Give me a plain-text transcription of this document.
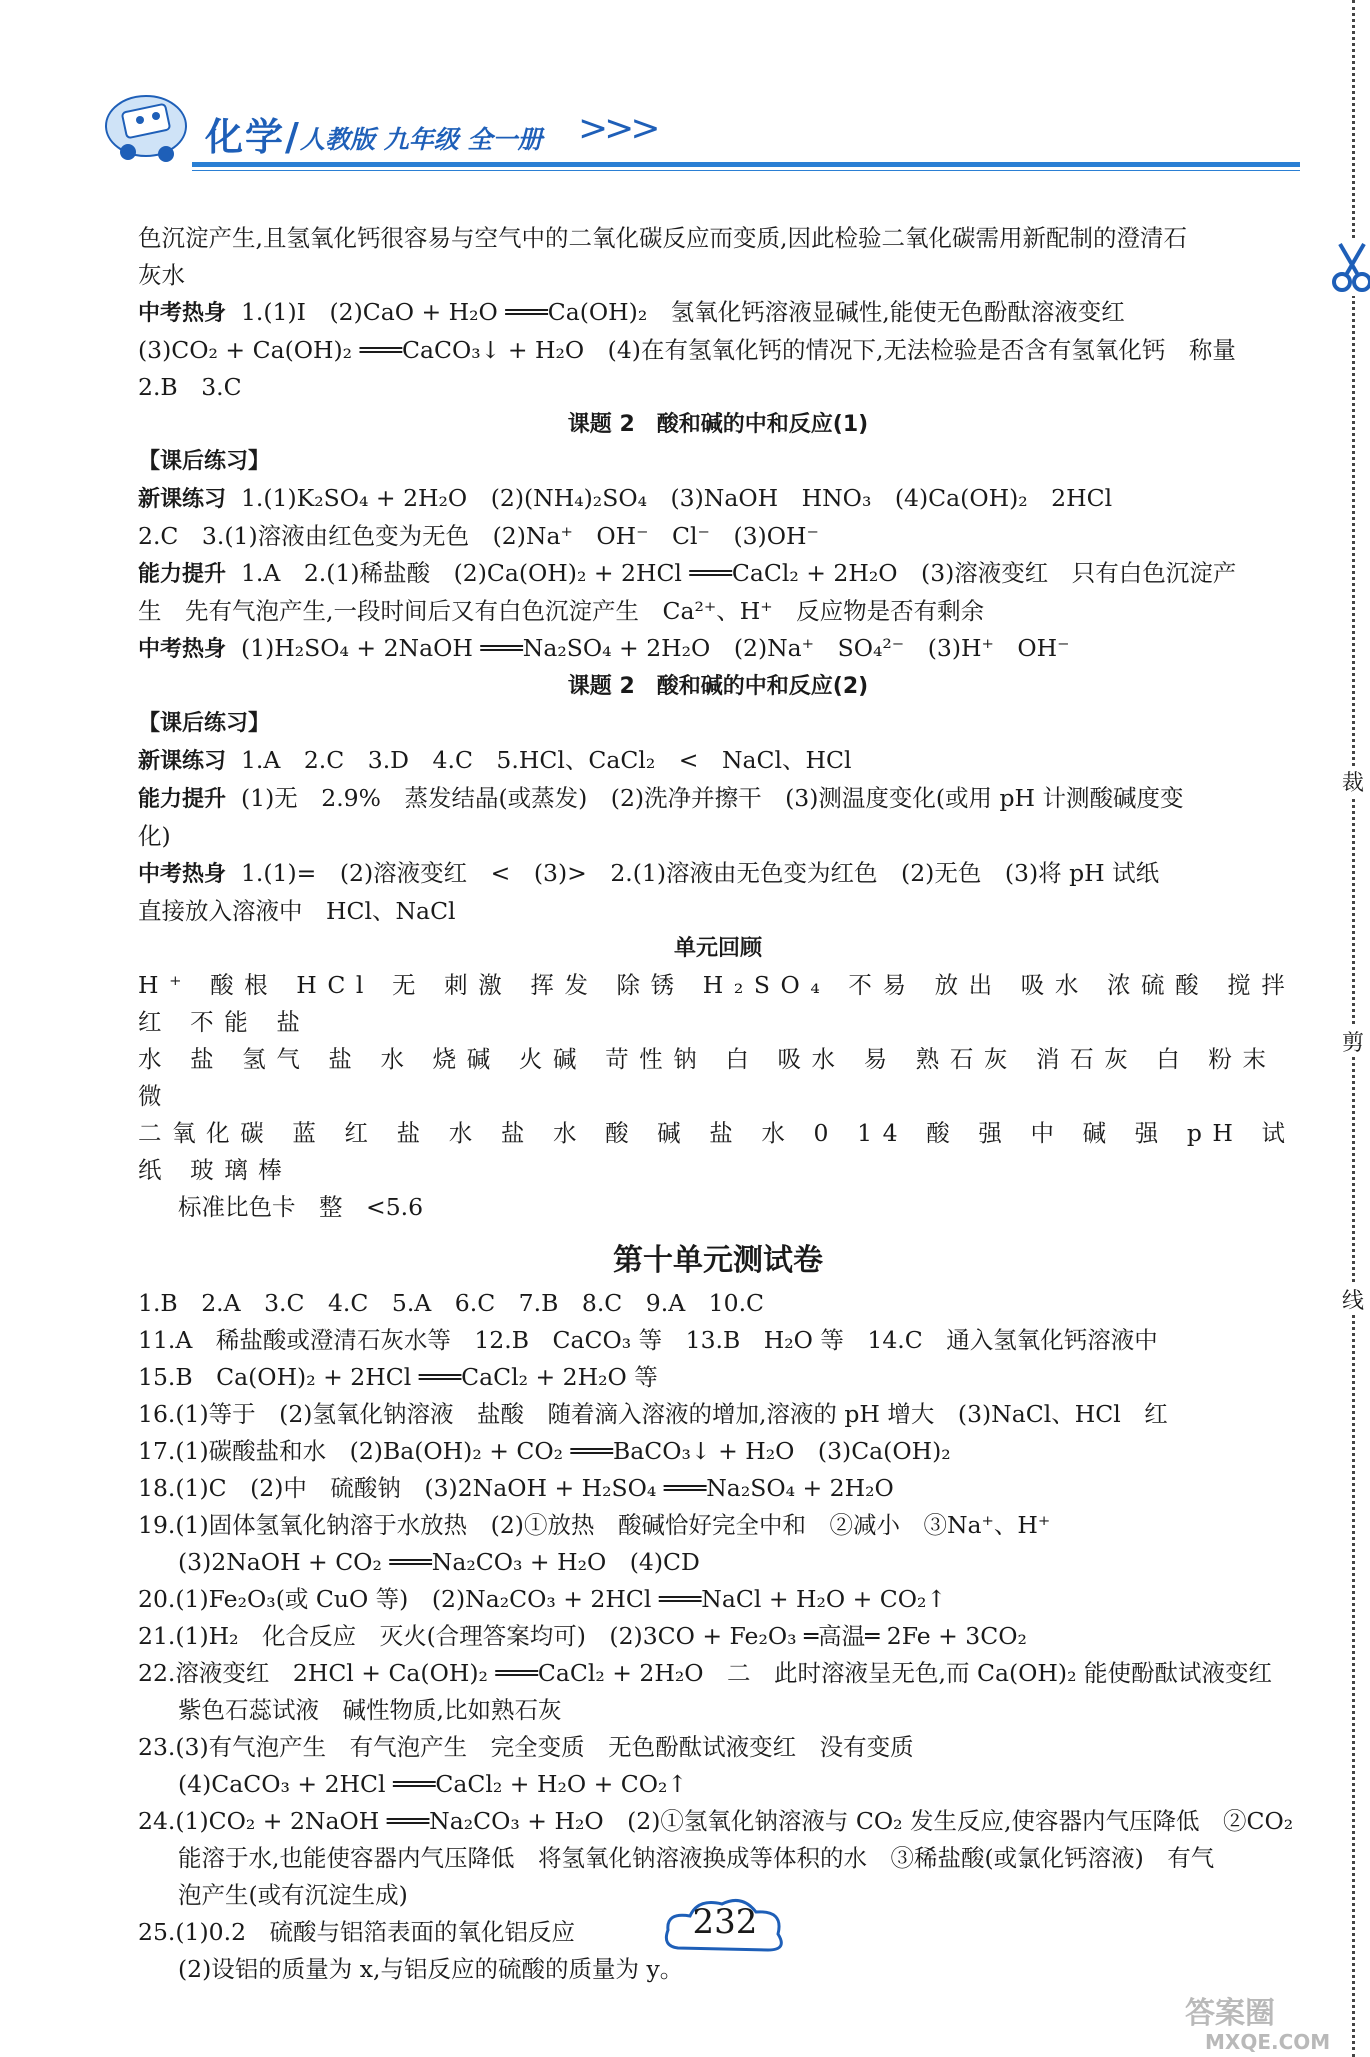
化学/ 人教版 九年级 全一册 >>>
裁
剪
线

色沉淀产生,且氢氧化钙很容易与空气中的二氧化碳反应而变质,因此检验二氧化碳需用新配制的澄清石

灰水

中考热身 1.(1)Ⅰ　(2)CaO + H₂O ═══Ca(OH)₂　氢氧化钙溶液显碱性,能使无色酚酞溶液变红

(3)CO₂ + Ca(OH)₂ ═══CaCO₃↓ + H₂O　(4)在有氢氧化钙的情况下,无法检验是否含有氢氧化钙　称量

2.B　3.C

课题 2　酸和碱的中和反应(1)

【课后练习】

新课练习 1.(1)K₂SO₄ + 2H₂O　(2)(NH₄)₂SO₄　(3)NaOH　HNO₃　(4)Ca(OH)₂　2HCl

2.C　3.(1)溶液由红色变为无色　(2)Na⁺　OH⁻　Cl⁻　(3)OH⁻

能力提升 1.A　2.(1)稀盐酸　(2)Ca(OH)₂ + 2HCl ═══CaCl₂ + 2H₂O　(3)溶液变红　只有白色沉淀产

生　先有气泡产生,一段时间后又有白色沉淀产生　Ca²⁺、H⁺　反应物是否有剩余

中考热身 (1)H₂SO₄ + 2NaOH ═══Na₂SO₄ + 2H₂O　(2)Na⁺　SO₄²⁻　(3)H⁺　OH⁻

课题 2　酸和碱的中和反应(2)

【课后练习】

新课练习 1.A　2.C　3.D　4.C　5.HCl、CaCl₂　<　NaCl、HCl

能力提升 (1)无　2.9%　蒸发结晶(或蒸发)　(2)洗净并擦干　(3)测温度变化(或用 pH 计测酸碱度变

化)

中考热身 1.(1)=　(2)溶液变红　<　(3)>　2.(1)溶液由无色变为红色　(2)无色　(3)将 pH 试纸

直接放入溶液中　HCl、NaCl

单元回顾

H⁺ 酸根 HCl 无 刺激 挥发 除锈 H₂SO₄ 不易 放出 吸水 浓硫酸 搅拌 红 不能 盐

水 盐 氢气 盐 水 烧碱 火碱 苛性钠 白 吸水 易 熟石灰 消石灰 白 粉末 微

二氧化碳 蓝 红 盐 水 盐 水 酸 碱 盐 水 0 14 酸 强 中 碱 强 pH 试纸 玻璃棒

标准比色卡　整　<5.6

第十单元测试卷

1.B　2.A　3.C　4.C　5.A　6.C　7.B　8.C　9.A　10.C

11.A　稀盐酸或澄清石灰水等　12.B　CaCO₃ 等　13.B　H₂O 等　14.C　通入氢氧化钙溶液中

15.B　Ca(OH)₂ + 2HCl ═══CaCl₂ + 2H₂O 等

16.(1)等于　(2)氢氧化钠溶液　盐酸　随着滴入溶液的增加,溶液的 pH 增大　(3)NaCl、HCl　红

17.(1)碳酸盐和水　(2)Ba(OH)₂ + CO₂ ═══BaCO₃↓ + H₂O　(3)Ca(OH)₂

18.(1)C　(2)中　硫酸钠　(3)2NaOH + H₂SO₄ ═══Na₂SO₄ + 2H₂O

19.(1)固体氢氧化钠溶于水放热　(2)①放热　酸碱恰好完全中和　②减小　③Na⁺、H⁺

(3)2NaOH + CO₂ ═══Na₂CO₃ + H₂O　(4)CD

20.(1)Fe₂O₃(或 CuO 等)　(2)Na₂CO₃ + 2HCl ═══NaCl + H₂O + CO₂↑

21.(1)H₂　化合反应　灭火(合理答案均可)　(2)3CO + Fe₂O₃ ═高温═ 2Fe + 3CO₂

22.溶液变红　2HCl + Ca(OH)₂ ═══CaCl₂ + 2H₂O　二　此时溶液呈无色,而 Ca(OH)₂ 能使酚酞试液变红

紫色石蕊试液　碱性物质,比如熟石灰

23.(3)有气泡产生　有气泡产生　完全变质　无色酚酞试液变红　没有变质

(4)CaCO₃ + 2HCl ═══CaCl₂ + H₂O + CO₂↑

24.(1)CO₂ + 2NaOH ═══Na₂CO₃ + H₂O　(2)①氢氧化钠溶液与 CO₂ 发生反应,使容器内气压降低　②CO₂

能溶于水,也能使容器内气压降低　将氢氧化钠溶液换成等体积的水　③稀盐酸(或氯化钙溶液)　有气

泡产生(或有沉淀生成)

25.(1)0.2　硫酸与铝箔表面的氧化铝反应

(2)设铝的质量为 x,与铝反应的硫酸的质量为 y。

232
答案圈
MXQE.COM
